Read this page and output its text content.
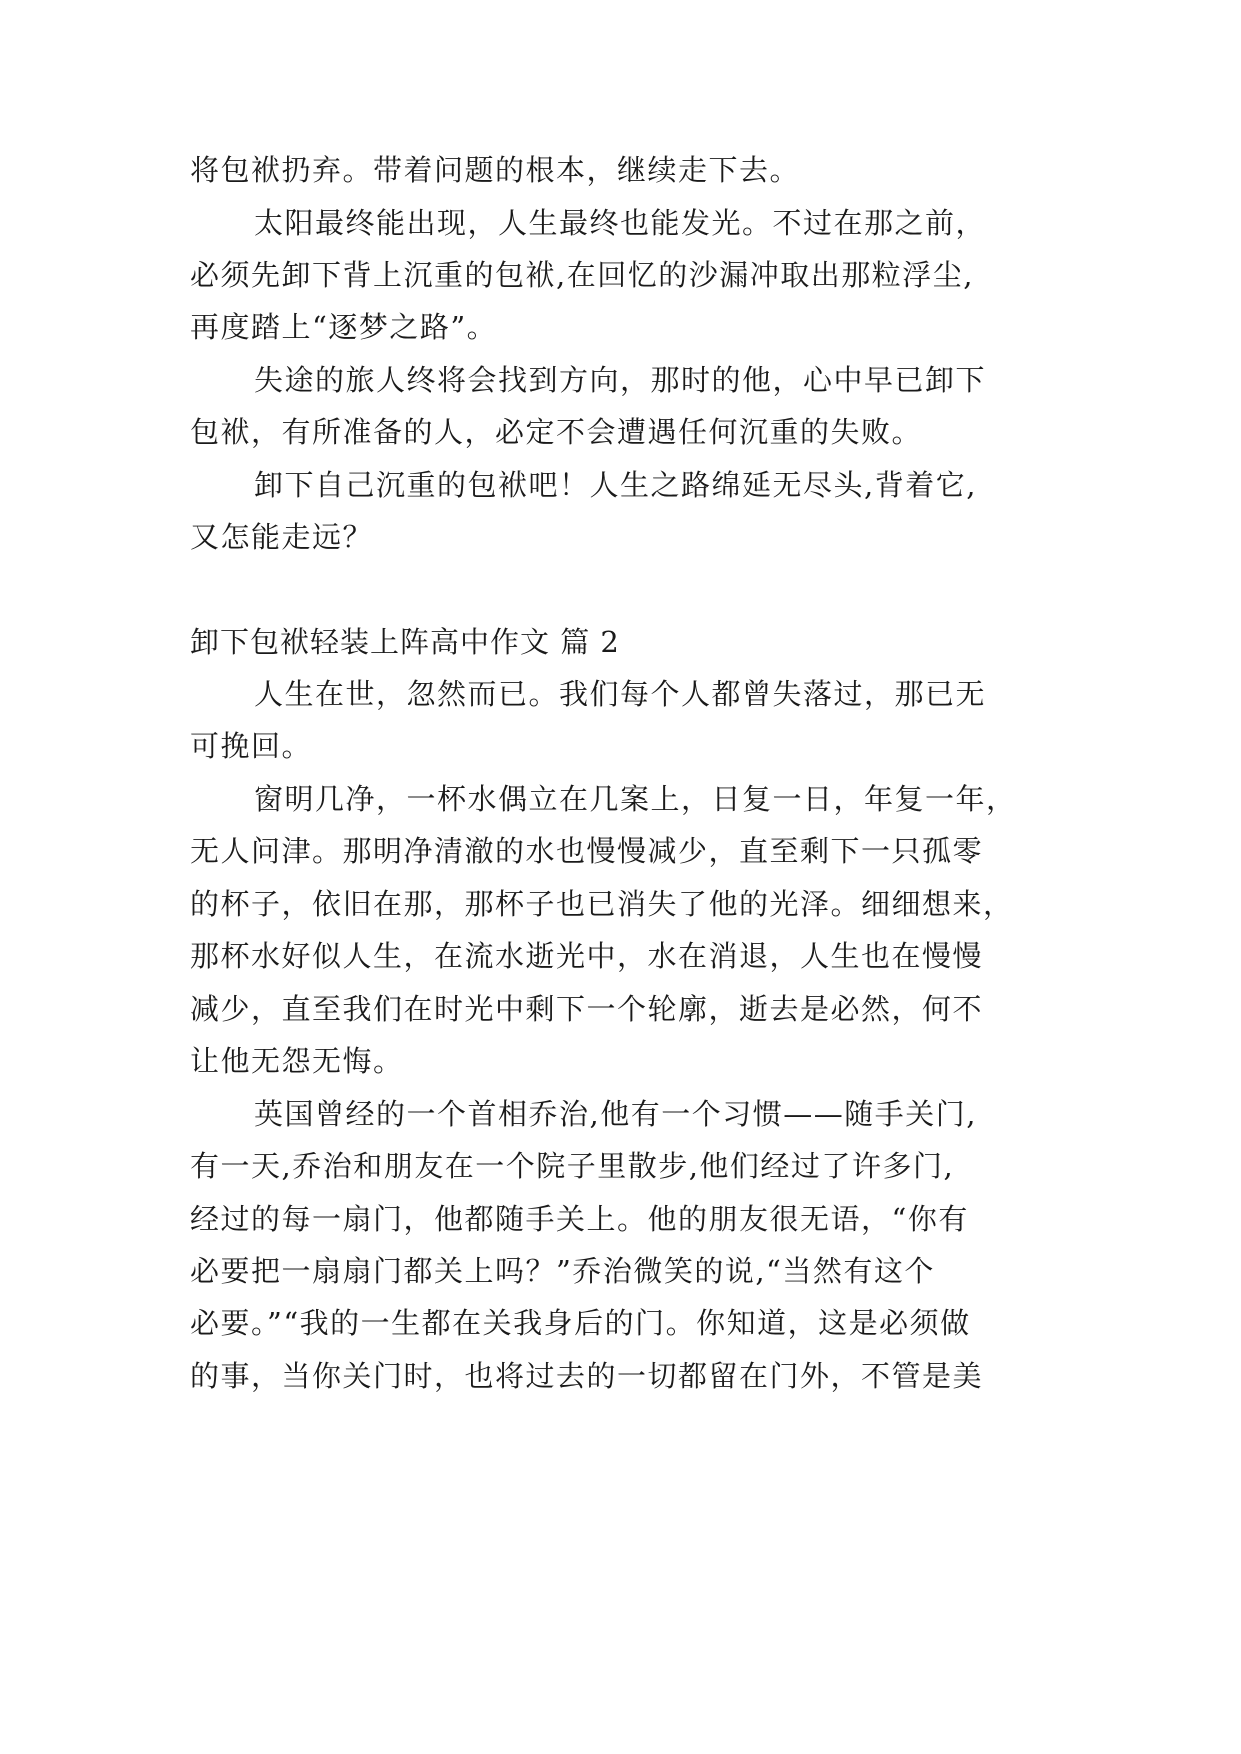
将包袱扔弃。带着问题的根本，继续走下去。
太阳最终能出现，人生最终也能发光。不过在那之前，
必须先卸下背上沉重的包袱,在回忆的沙漏冲取出那粒浮尘,
再度踏上“逐梦之路”。
失途的旅人终将会找到方向，那时的他，心中早已卸下
包袱，有所准备的人，必定不会遭遇任何沉重的失败。
卸下自己沉重的包袱吧！人生之路绵延无尽头,背着它,
又怎能走远？
卸下包袱轻装上阵高中作文 篇 2
人生在世，忽然而已。我们每个人都曾失落过，那已无
可挽回。
窗明几净，一杯水偶立在几案上，日复一日，年复一年，
无人问津。那明净清澈的水也慢慢减少，直至剩下一只孤零
的杯子，依旧在那，那杯子也已消失了他的光泽。细细想来，
那杯水好似人生，在流水逝光中，水在消退，人生也在慢慢
减少，直至我们在时光中剩下一个轮廓，逝去是必然，何不
让他无怨无悔。
英国曾经的一个首相乔治,他有一个习惯——随手关门,
有一天,乔治和朋友在一个院子里散步,他们经过了许多门,
经过的每一扇门，他都随手关上。他的朋友很无语，“你有
必要把一扇扇门都关上吗？”乔治微笑的说,“当然有这个
必要。”“我的一生都在关我身后的门。你知道，这是必须做
的事，当你关门时，也将过去的一切都留在门外，不管是美
